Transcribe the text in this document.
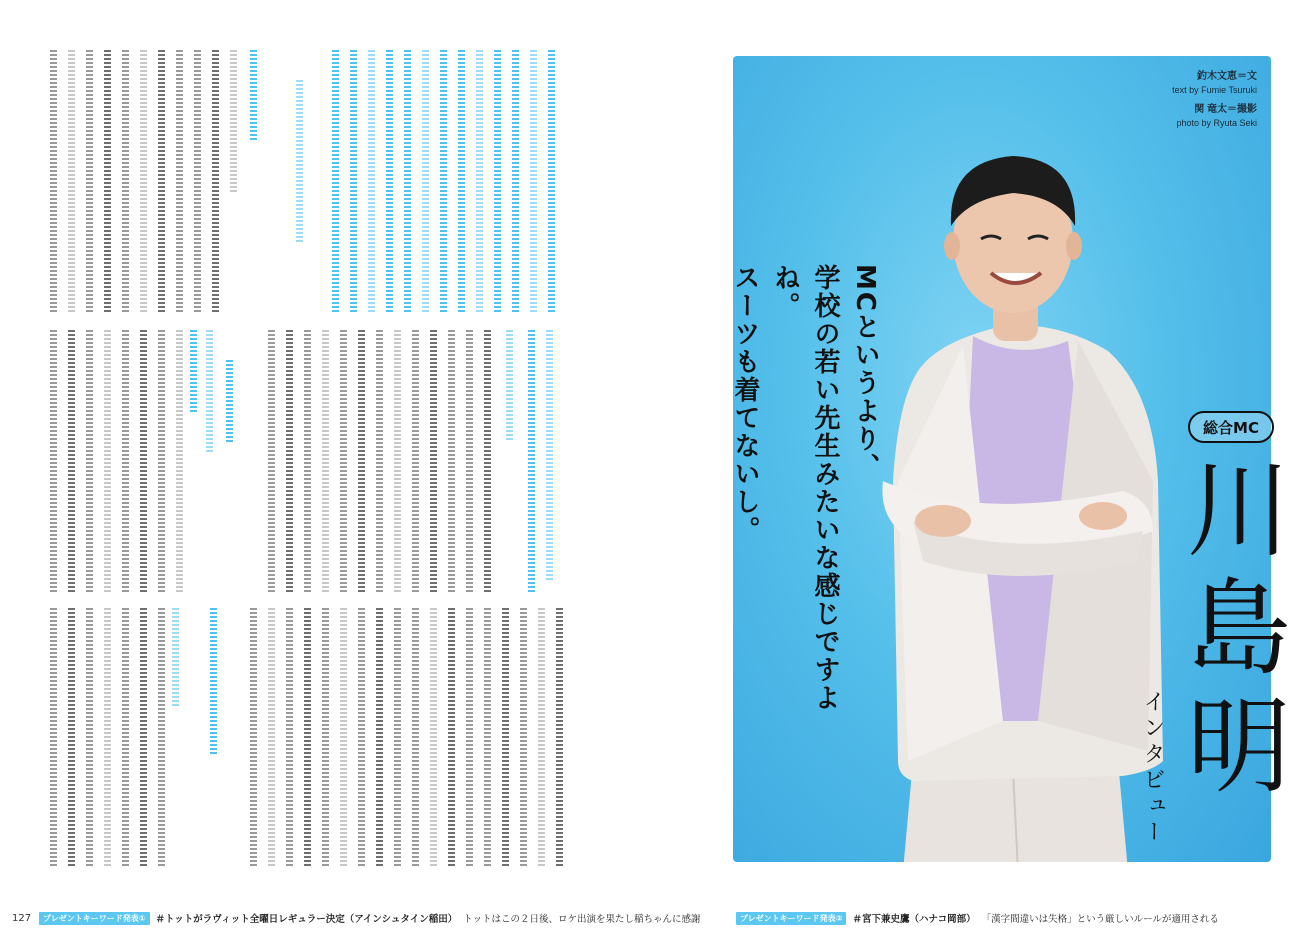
127	プレゼントキーワード発表①	＃トットがラヴィット全曜日レギュラー決定（アインシュタイン稲田） トットはこの２日後、ロケ出演を果たし稲ちゃんに感謝
釣木文恵＝文
text by Fumie Tsuruki
関 竜太＝撮影
photo by Ryuta Seki
MCというより、
学校の若い先生みたいな感じですよね。
スーツも着てないし。	総合MC
川島明
インタビュー
プレゼントキーワード発表②	＃宮下兼史鷹（ハナコ岡部） 「漢字間違いは失格」という厳しいルールが適用される
